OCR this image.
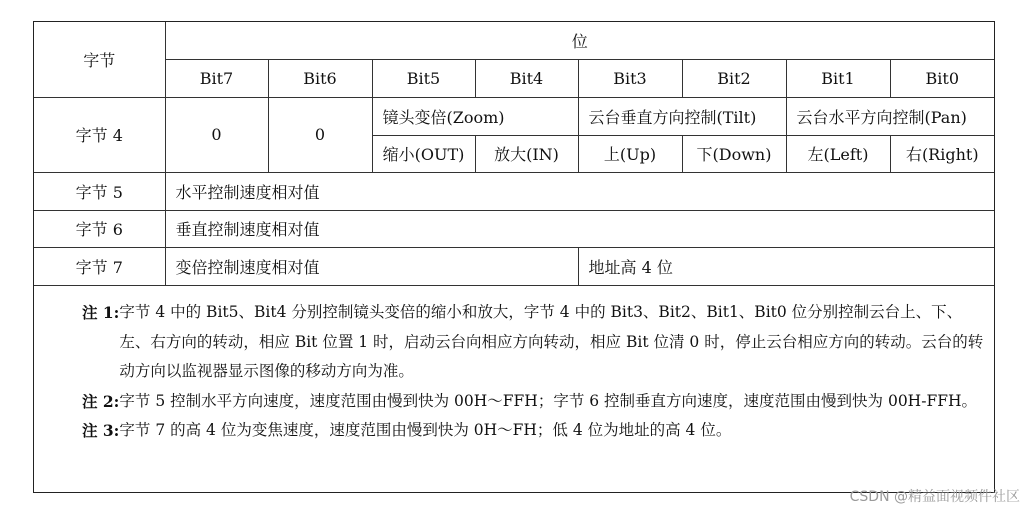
字节	位							
	Bit7	Bit6	Bit5	Bit4	Bit3	Bit2	Bit1	Bit0
字节 4	0	0	镜头变倍(Zoom)		云台垂直方向控制(Tilt)		云台水平方向控制(Pan)	
			缩小(OUT)	放大(IN)	上(Up)	下(Down)	左(Left)	右(Right)
字节 5	水平控制速度相对值							
字节 6	垂直控制速度相对值							
字节 7	变倍控制速度相对值				地址高 4 位			
注 1: 字节 4 中的 Bit5、Bit4 分别控制镜头变倍的缩小和放大，字节 4 中的 Bit3、Bit2、Bit1、Bit0 位分别控制云台上、下、左、右方向的转动，相应 Bit 位置 1 时，启动云台向相应方向转动，相应 Bit 位清 0 时，停止云台相应方向的转动。云台的转动方向以监视器显示图像的移动方向为准。
注 2: 字节 5 控制水平方向速度，速度范围由慢到快为 00H～FFH；字节 6 控制垂直方向速度，速度范围由慢到快为 00H-FFH。
注 3: 字节 7 的高 4 位为变焦速度，速度范围由慢到快为 0H～FH；低 4 位为地址的高 4 位。
CSDN @精益面视频件社区
